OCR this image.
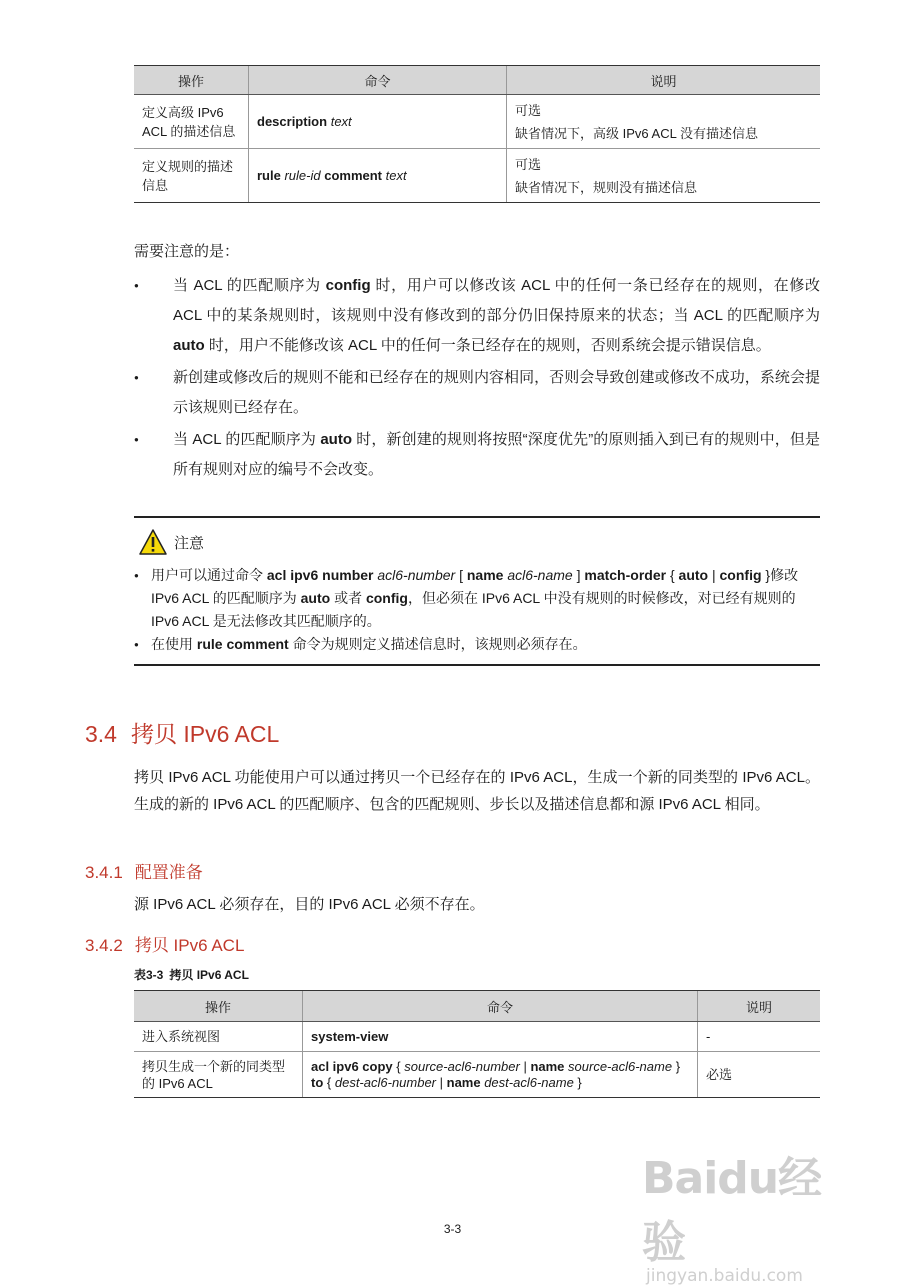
操作	命令	说明
定义高级 IPv6 ACL 的描述信息	description text	可选
缺省情况下，高级 IPv6 ACL 没有描述信息

定义规则的描述信息	rule rule-id comment text	可选
缺省情况下，规则没有描述信息
需要注意的是：
● 当 ACL 的匹配顺序为 config 时，用户可以修改该 ACL 中的任何一条已经存在的规则，在修改 ACL 中的某条规则时，该规则中没有修改到的部分仍旧保持原来的状态；当 ACL 的匹配顺序为 auto 时，用户不能修改该 ACL 中的任何一条已经存在的规则，否则系统会提示错误信息。
● 新创建或修改后的规则不能和已经存在的规则内容相同，否则会导致创建或修改不成功，系统会提示该规则已经存在。
● 当 ACL 的匹配顺序为 auto 时，新创建的规则将按照“深度优先”的原则插入到已有的规则中，但是所有规则对应的编号不会改变。
注意
● 用户可以通过命令 acl ipv6 number acl6-number [ name acl6-name ] match-order { auto | config }修改 IPv6 ACL 的匹配顺序为 auto 或者 config，但必须在 IPv6 ACL 中没有规则的时候修改，对已经有规则的 IPv6 ACL 是无法修改其匹配顺序的。
● 在使用 rule comment 命令为规则定义描述信息时，该规则必须存在。
3.4 拷贝 IPv6 ACL
拷贝 IPv6 ACL 功能使用户可以通过拷贝一个已经存在的 IPv6 ACL，生成一个新的同类型的 IPv6 ACL。生成的新的 IPv6 ACL 的匹配顺序、包含的匹配规则、步长以及描述信息都和源 IPv6 ACL 相同。
3.4.1 配置准备
源 IPv6 ACL 必须存在，目的 IPv6 ACL 必须不存在。
3.4.2 拷贝 IPv6 ACL
表3-3 拷贝 IPv6 ACL
操作	命令	说明
进入系统视图	system-view	-
拷贝生成一个新的同类型的 IPv6 ACL	acl ipv6 copy { source-acl6-number | name source-acl6-name }
to { dest-acl6-number | name dest-acl6-name }	必选
3-3
Baidu经验
jingyan.baidu.com
